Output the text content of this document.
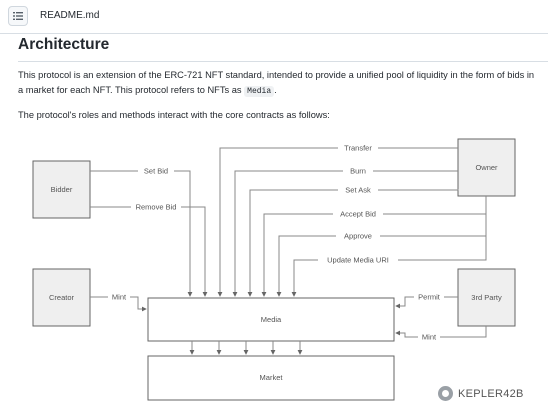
README.md
Architecture

This protocol is an extension of the ERC-721 NFT standard, intended to provide a unified pool of liquidity in the form of bids in a market for each NFT. This protocol refers to NFTs as Media .

The protocol's roles and methods interact with the core contracts as follows:

Bidder
Owner
Creator	3rd Party
Media
Market
Set Bid
Remove Bid
Transfer
Burn
Set Ask
Accept Bid
Approve
Update Media URI
Mint	Permit
Mint
KEPLER42B
